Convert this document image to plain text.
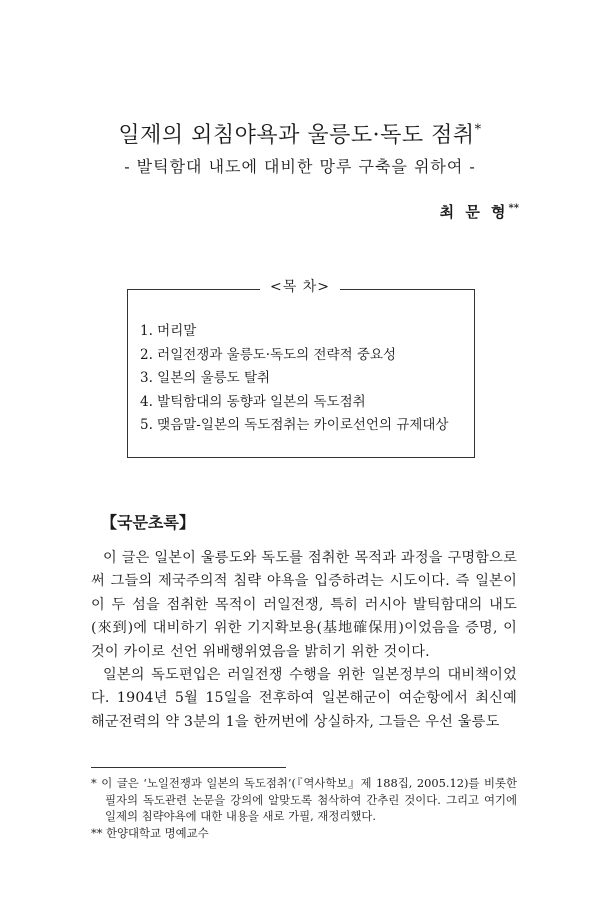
일제의 외침야욕과 울릉도·독도 점취*
- 발틱함대 내도에 대비한 망루 구축을 위하여 -
최 문 형**
<목 차>
1. 머리말
2. 러일전쟁과 울릉도·독도의 전략적 중요성
3. 일본의 울릉도 탈취
4. 발틱함대의 동향과 일본의 독도점취
5. 맺음말-일본의 독도점취는 카이로선언의 규제대상
【국문초록】

이 글은 일본이 울릉도와 독도를 점취한 목적과 과정을 구명함으로써 그들의 제국주의적 침략 야욕을 입증하려는 시도이다. 즉 일본이 이 두 섬을 점취한 목적이 러일전쟁, 특히 러시아 발틱함대의 내도(來到)에 대비하기 위한 기지확보용(基地確保用)이었음을 증명, 이것이 카이로 선언 위배행위였음을 밝히기 위한 것이다.

일본의 독도편입은 러일전쟁 수행을 위한 일본정부의 대비책이었다. 1904년 5월 15일을 전후하여 일본해군이 여순항에서 최신예 해군전력의 약 3분의 1을 한꺼번에 상실하자, 그들은 우선 울릉도

* 이 글은 ‘노일전쟁과 일본의 독도점취’(『역사학보』제 188집, 2005.12)를 비롯한 필자의 독도관련 논문을 강의에 알맞도록 첨삭하여 간추린 것이다. 그리고 여기에 일제의 침략야욕에 대한 내용을 새로 가필, 재정리했다.

** 한양대학교 명예교수
